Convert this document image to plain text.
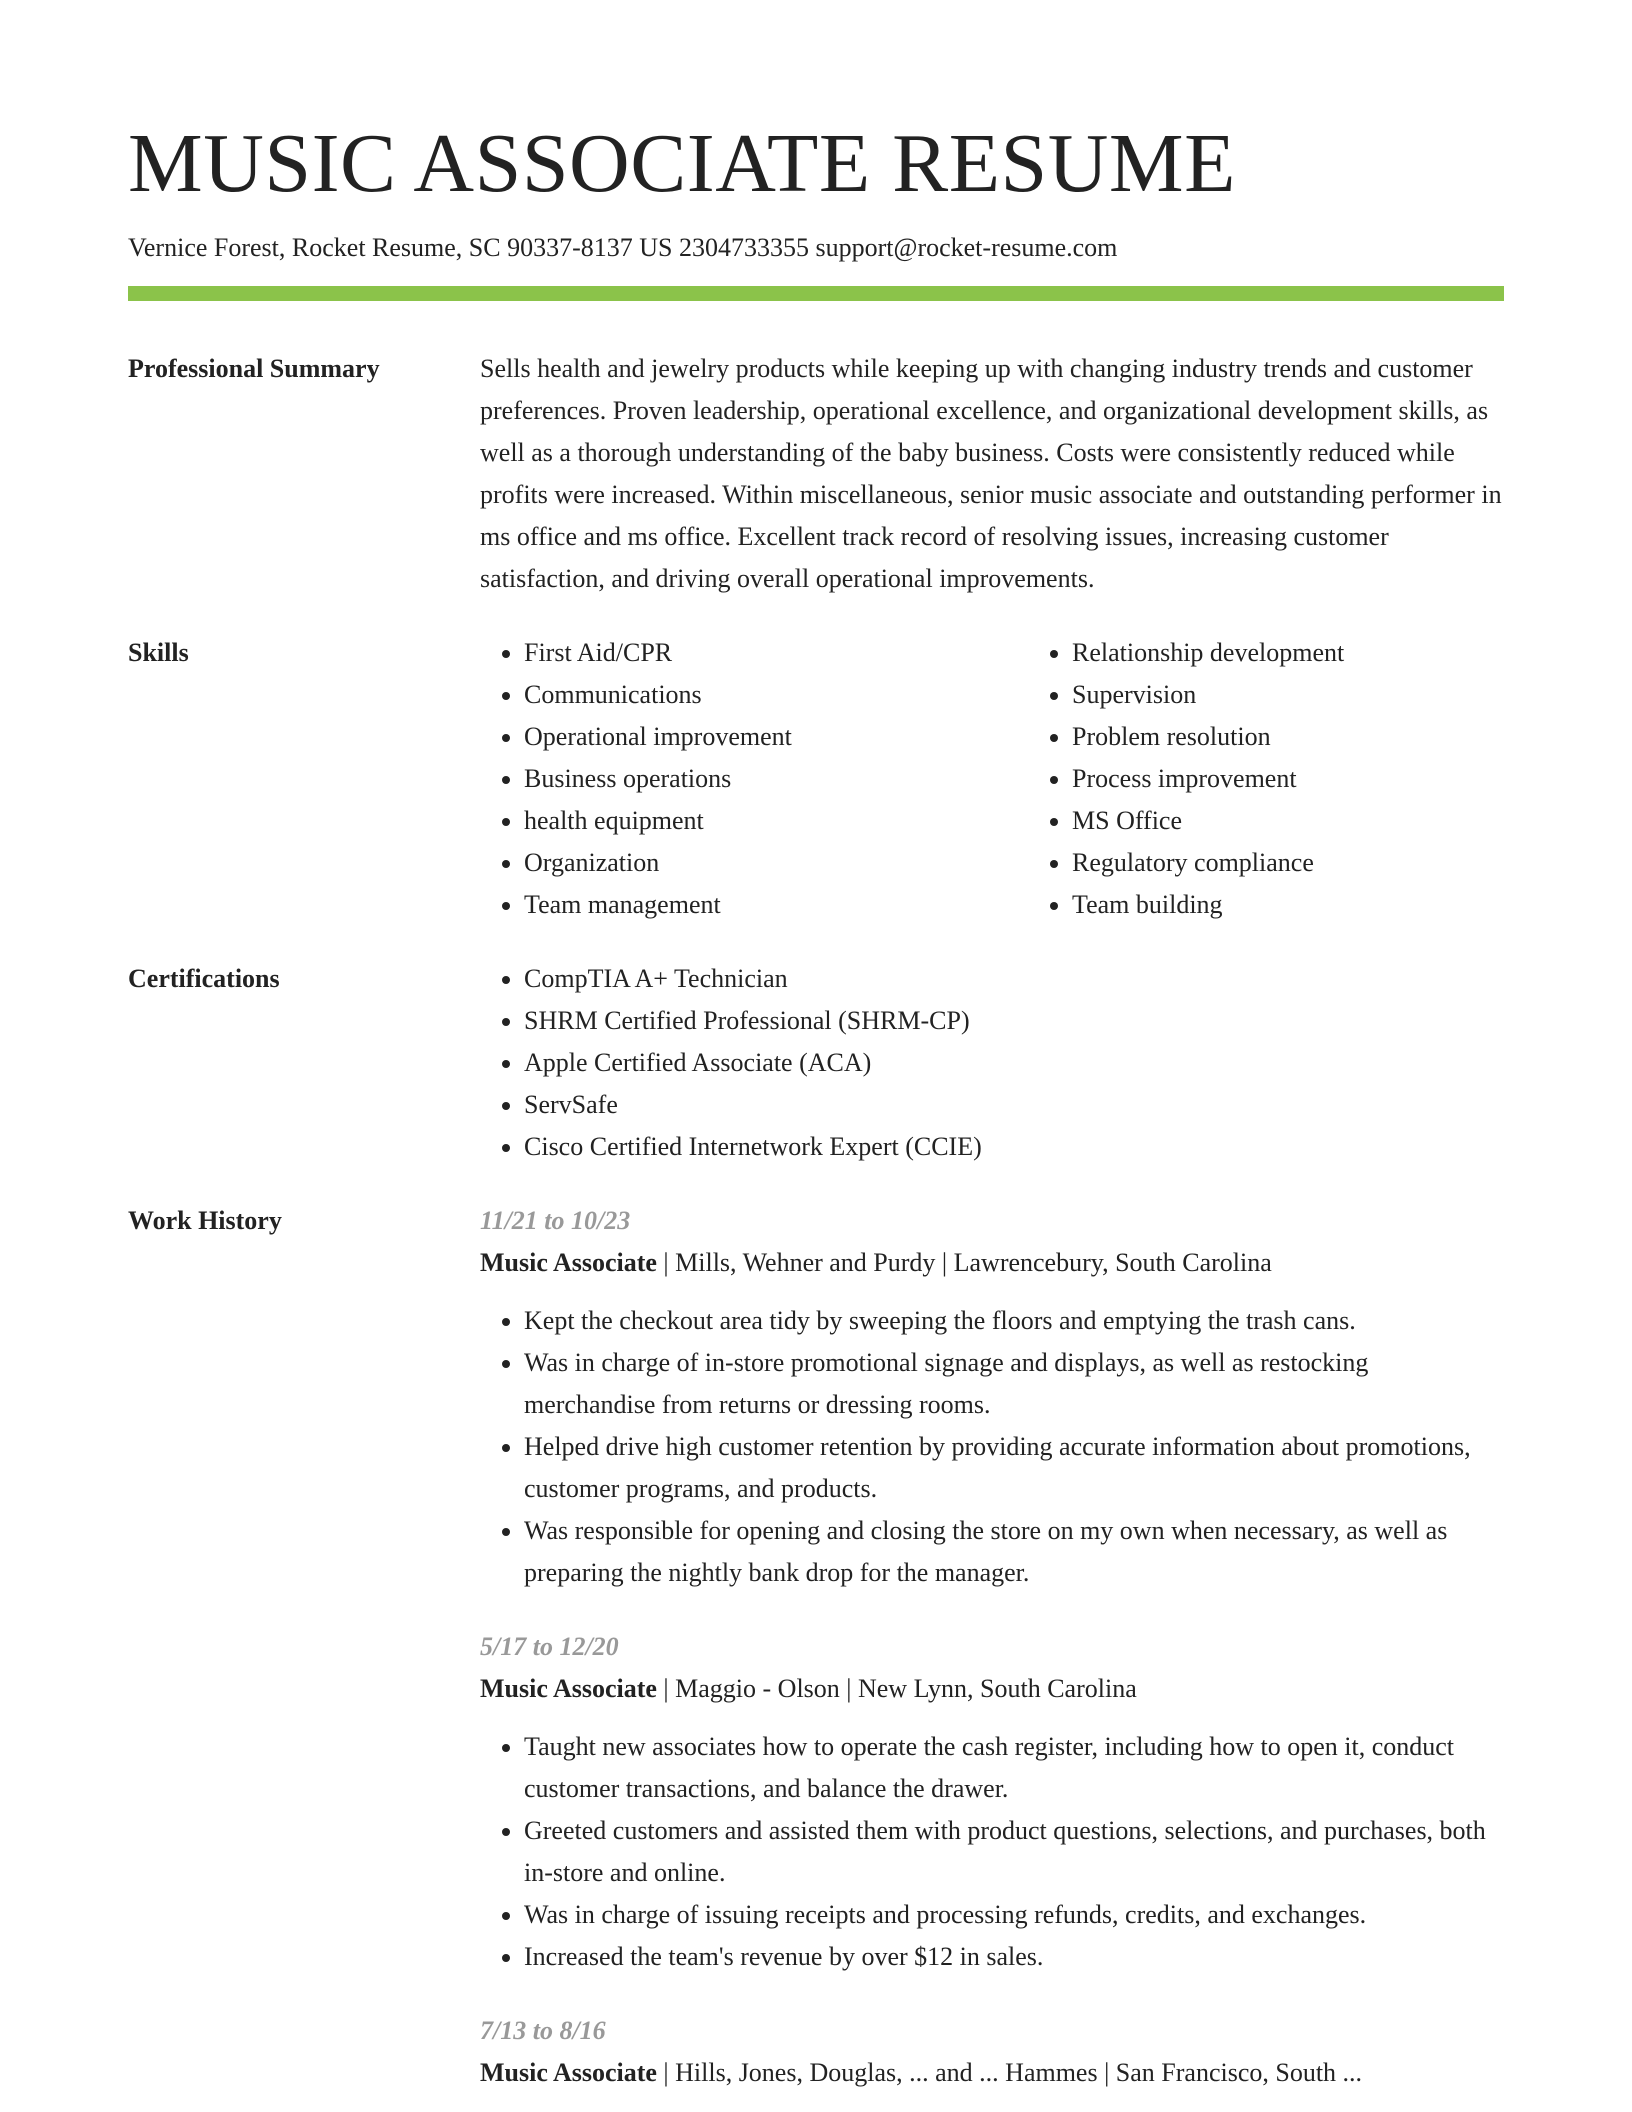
MUSIC ASSOCIATE RESUME
Vernice Forest, Rocket Resume, SC 90337-8137 US 2304733355 support@rocket-resume.com
Professional Summary	Sells health and jewelry products while keeping up with changing industry trends and customer preferences. Proven leadership, operational excellence, and organizational development skills, as well as a thorough understanding of the baby business. Costs were consistently reduced while profits were increased. Within miscellaneous, senior music associate and outstanding performer in ms office and ms office. Excellent track record of resolving issues, increasing customer satisfaction, and driving overall operational improvements.

Skills	• First Aid/CPR
• Communications
• Operational improvement
• Business operations
• health equipment
• Organization
• Team management
• Relationship development
• Supervision
• Problem resolution
• Process improvement
• MS Office
• Regulatory compliance
• Team building
Certifications	• CompTIA A+ Technician
• SHRM Certified Professional (SHRM-CP)
• Apple Certified Associate (ACA)
• ServSafe
• Cisco Certified Internetwork Expert (CCIE)
Work History	11/21 to 10/23
Music Associate | Mills, Wehner and Purdy | Lawrencebury, South Carolina
• Kept the checkout area tidy by sweeping the floors and emptying the trash cans.
• Was in charge of in-store promotional signage and displays, as well as restocking merchandise from returns or dressing rooms.
• Helped drive high customer retention by providing accurate information about promotions, customer programs, and products.
• Was responsible for opening and closing the store on my own when necessary, as well as preparing the nightly bank drop for the manager.
5/17 to 12/20
Music Associate | Maggio - Olson | New Lynn, South Carolina
• Taught new associates how to operate the cash register, including how to open it, conduct customer transactions, and balance the drawer.
• Greeted customers and assisted them with product questions, selections, and purchases, both in-store and online.
• Was in charge of issuing receipts and processing refunds, credits, and exchanges.
• Increased the team's revenue by over $12 in sales.
7/13 to 8/16
Music Associate | Hills, Jones, Douglas, ... and ... Hammes | San Francisco, South ...
